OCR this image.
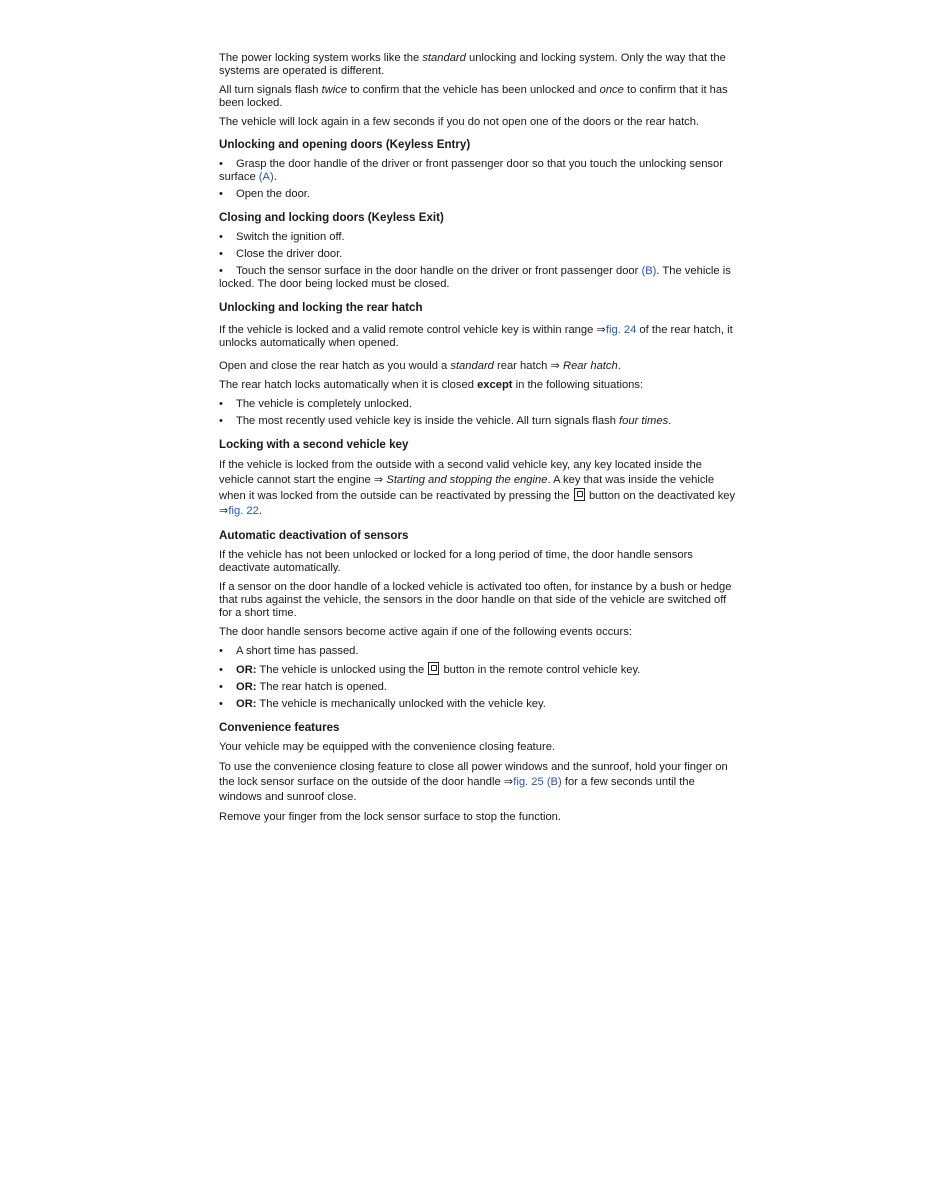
The power locking system works like the standard unlocking and locking system. Only the way that the systems are operated is different.

All turn signals flash twice to confirm that the vehicle has been unlocked and once to confirm that it has been locked.

The vehicle will lock again in a few seconds if you do not open one of the doors or the rear hatch.

Unlocking and opening doors (Keyless Entry)

• Grasp the door handle of the driver or front passenger door so that you touch the unlocking sensor surface (A).

• Open the door.

Closing and locking doors (Keyless Exit)

• Switch the ignition off.

• Close the driver door.

• Touch the sensor surface in the door handle on the driver or front passenger door (B). The vehicle is locked. The door being locked must be closed.

Unlocking and locking the rear hatch

If the vehicle is locked and a valid remote control vehicle key is within range ⇒fig. 24 of the rear hatch, it unlocks automatically when opened.

Open and close the rear hatch as you would a standard rear hatch ⇒ Rear hatch.

The rear hatch locks automatically when it is closed except in the following situations:

• The vehicle is completely unlocked.

• The most recently used vehicle key is inside the vehicle. All turn signals flash four times.

Locking with a second vehicle key

If the vehicle is locked from the outside with a second valid vehicle key, any key located inside the vehicle cannot start the engine ⇒ Starting and stopping the engine. A key that was inside the vehicle when it was locked from the outside can be reactivated by pressing the  button on the deactivated key ⇒fig. 22.

Automatic deactivation of sensors

If the vehicle has not been unlocked or locked for a long period of time, the door handle sensors deactivate automatically.

If a sensor on the door handle of a locked vehicle is activated too often, for instance by a bush or hedge that rubs against the vehicle, the sensors in the door handle on that side of the vehicle are switched off for a short time.

The door handle sensors become active again if one of the following events occurs:

• A short time has passed.

• OR: The vehicle is unlocked using the  button in the remote control vehicle key.

• OR: The rear hatch is opened.

• OR: The vehicle is mechanically unlocked with the vehicle key.

Convenience features

Your vehicle may be equipped with the convenience closing feature.

To use the convenience closing feature to close all power windows and the sunroof, hold your finger on the lock sensor surface on the outside of the door handle ⇒fig. 25 (B) for a few seconds until the windows and sunroof close.

Remove your finger from the lock sensor surface to stop the function.
